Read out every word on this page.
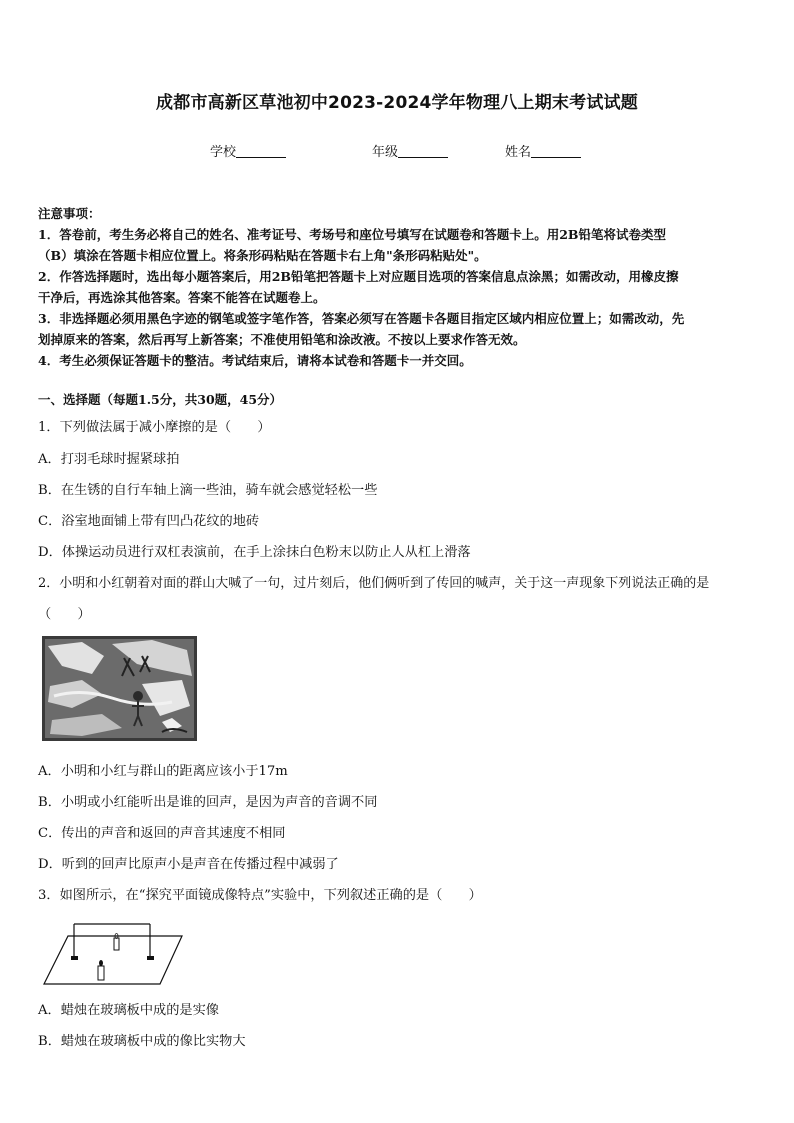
成都市高新区草池初中2023-2024学年物理八上期末考试试题
学校	年级	姓名
注意事项：
1．答卷前，考生务必将自己的姓名、准考证号、考场号和座位号填写在试题卷和答题卡上。用2B铅笔将试卷类型
（B）填涂在答题卡相应位置上。将条形码粘贴在答题卡右上角"条形码粘贴处"。
2．作答选择题时，选出每小题答案后，用2B铅笔把答题卡上对应题目选项的答案信息点涂黑；如需改动，用橡皮擦
干净后，再选涂其他答案。答案不能答在试题卷上。
3．非选择题必须用黑色字迹的钢笔或签字笔作答，答案必须写在答题卡各题目指定区域内相应位置上；如需改动，先
划掉原来的答案，然后再写上新答案；不准使用铅笔和涂改液。不按以上要求作答无效。
4．考生必须保证答题卡的整洁。考试结束后，请将本试卷和答题卡一并交回。
一、选择题（每题1.5分，共30题，45分）
1．下列做法属于减小摩擦的是（　　）
A．打羽毛球时握紧球拍
B．在生锈的自行车轴上滴一些油，骑车就会感觉轻松一些
C．浴室地面铺上带有凹凸花纹的地砖
D．体操运动员进行双杠表演前，在手上涂抹白色粉末以防止人从杠上滑落
2．小明和小红朝着对面的群山大喊了一句，过片刻后，他们俩听到了传回的喊声，关于这一声现象下列说法正确的是
（　　）
A．小明和小红与群山的距离应该小于17m
B．小明或小红能听出是谁的回声，是因为声音的音调不同
C．传出的声音和返回的声音其速度不相同
D．听到的回声比原声小是声音在传播过程中减弱了
3．如图所示，在“探究平面镜成像特点”实验中，下列叙述正确的是（　　）
A．蜡烛在玻璃板中成的是实像
B．蜡烛在玻璃板中成的像比实物大
